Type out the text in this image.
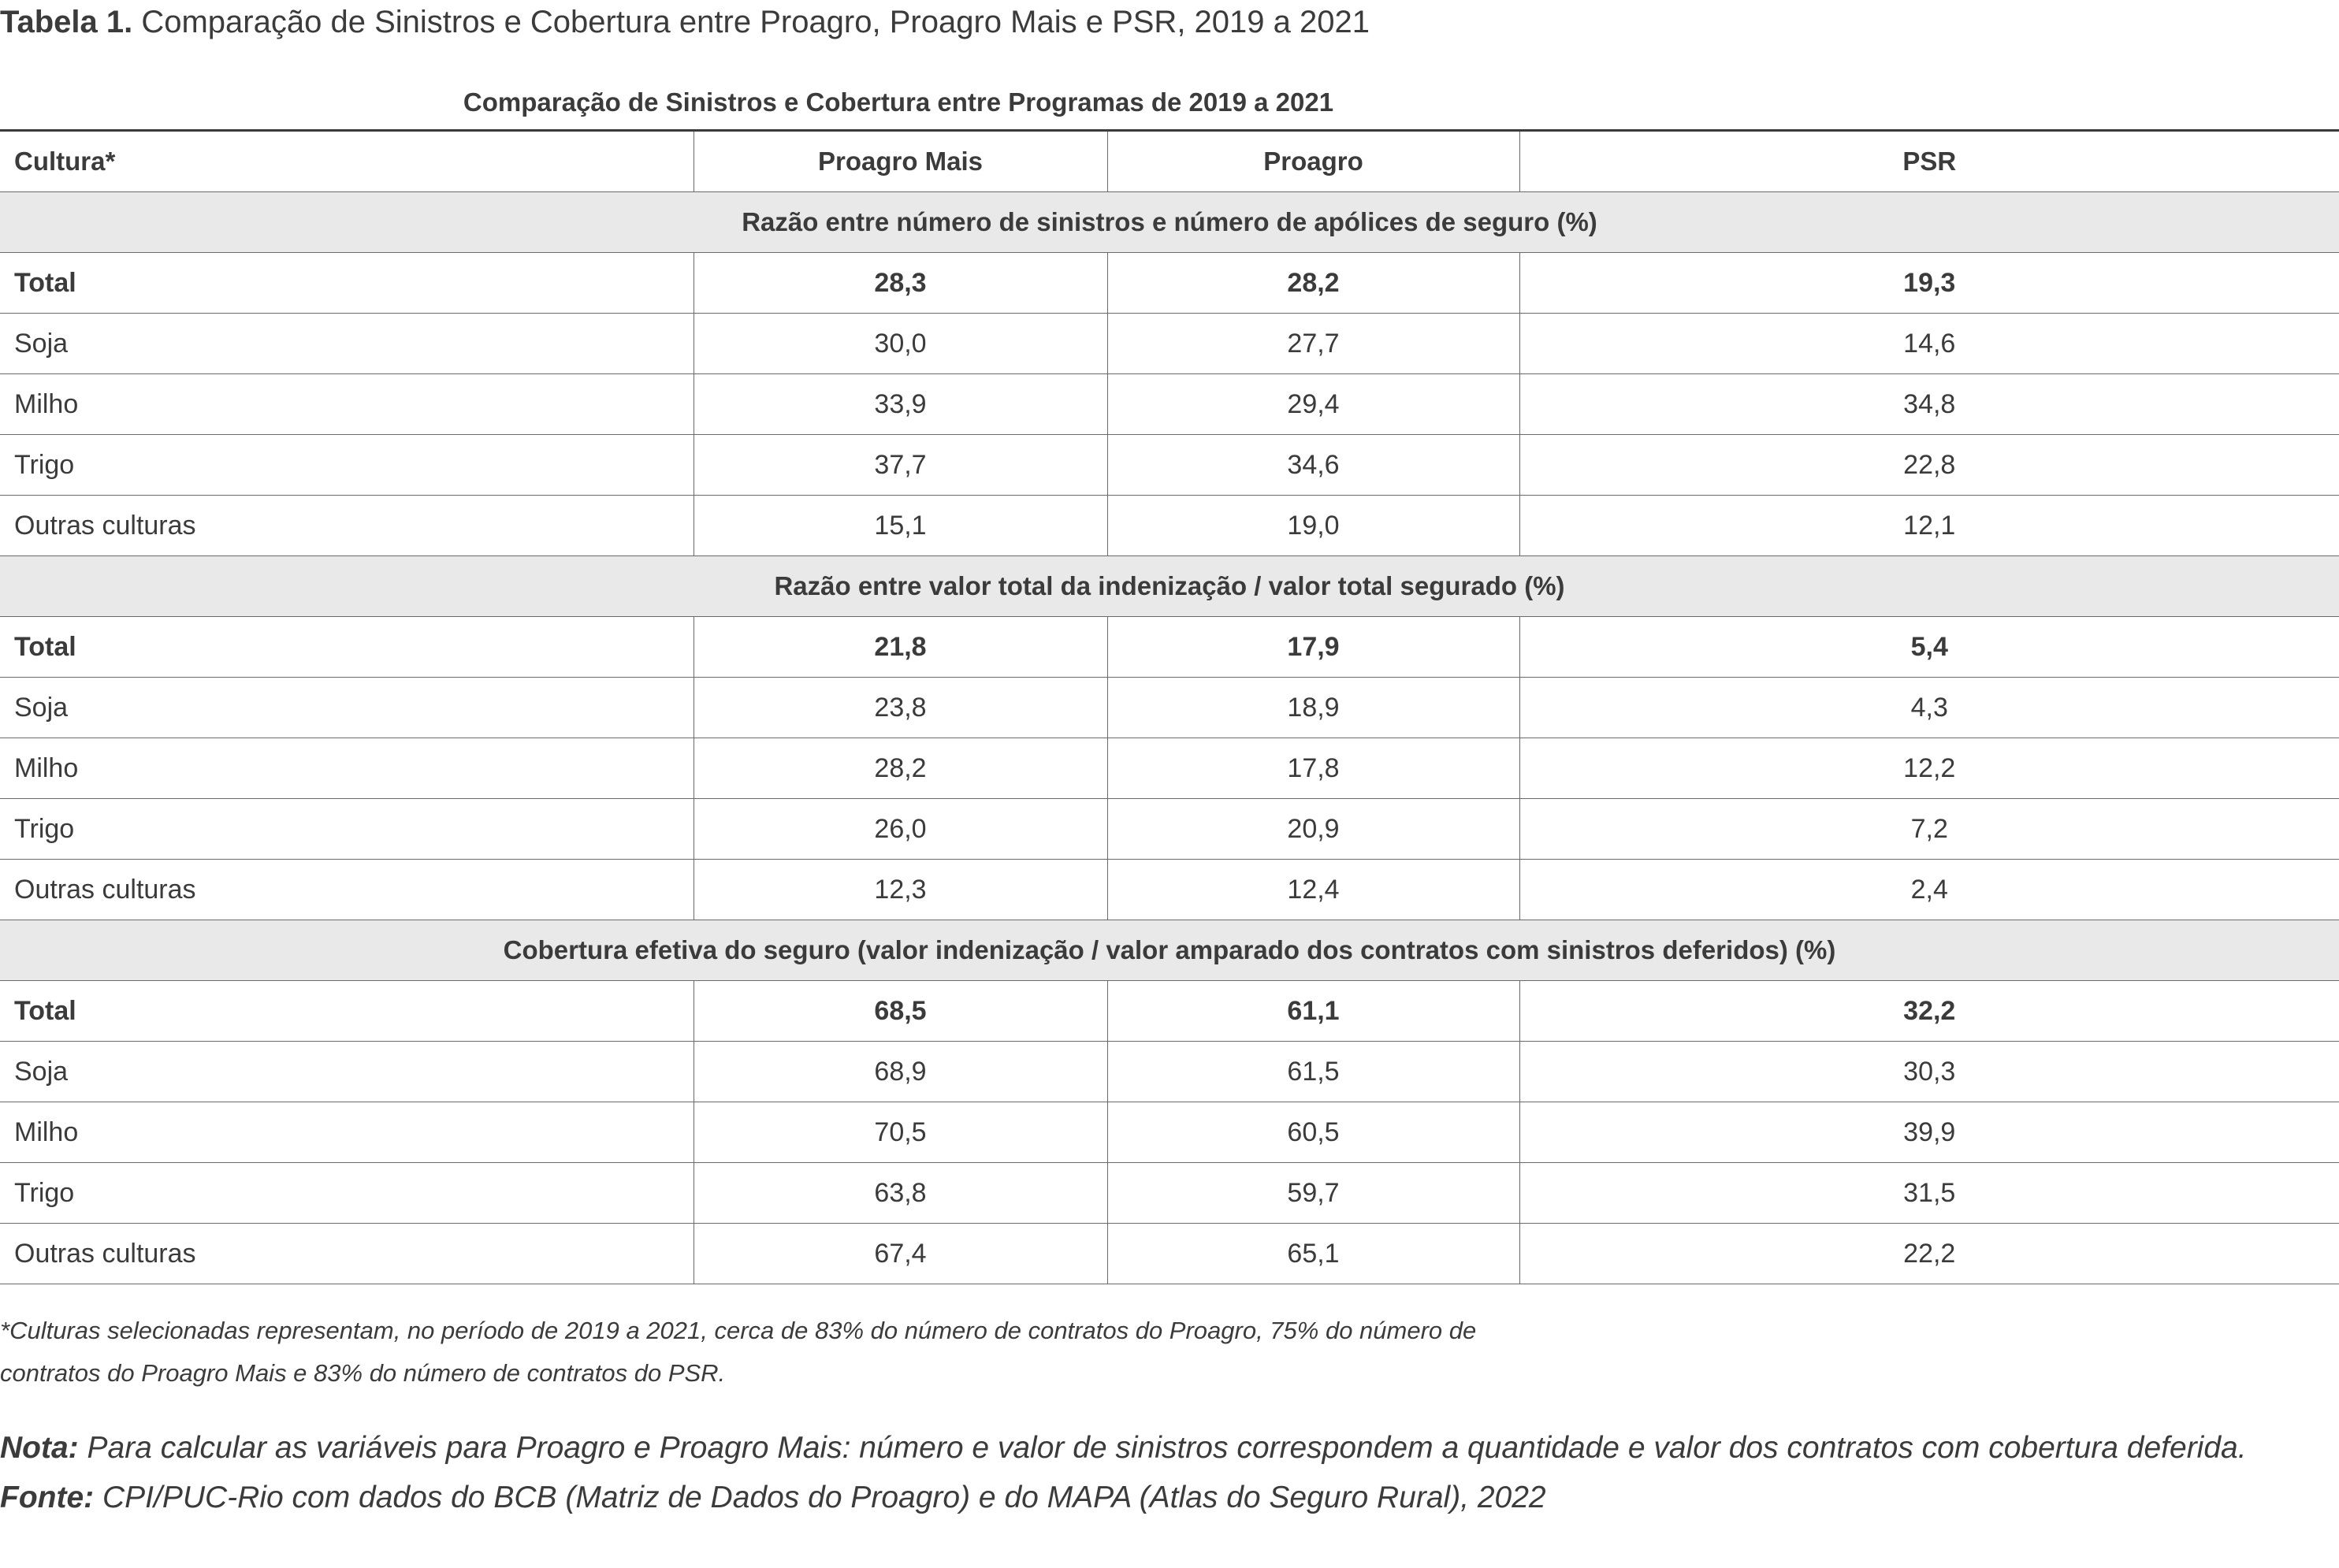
Tabela 1. Comparação de Sinistros e Cobertura entre Proagro, Proagro Mais e PSR, 2019 a 2021
Comparação de Sinistros e Cobertura entre Programas de 2019 a 2021
Cultura*	Proagro Mais	Proagro	PSR
Razão entre número de sinistros e número de apólices de seguro (%)			
Total	28,3	28,2	19,3
Soja	30,0	27,7	14,6
Milho	33,9	29,4	34,8
Trigo	37,7	34,6	22,8
Outras culturas	15,1	19,0	12,1
Razão entre valor total da indenização / valor total segurado (%)			
Total	21,8	17,9	5,4
Soja	23,8	18,9	4,3
Milho	28,2	17,8	12,2
Trigo	26,0	20,9	7,2
Outras culturas	12,3	12,4	2,4
Cobertura efetiva do seguro (valor indenização / valor amparado dos contratos com sinistros deferidos) (%)			
Total	68,5	61,1	32,2
Soja	68,9	61,5	30,3
Milho	70,5	60,5	39,9
Trigo	63,8	59,7	31,5
Outras culturas	67,4	65,1	22,2
*Culturas selecionadas representam, no período de 2019 a 2021, cerca de 83% do número de contratos do Proagro, 75% do número de contratos do Proagro Mais e 83% do número de contratos do PSR.
Nota: Para calcular as variáveis para Proagro e Proagro Mais: número e valor de sinistros correspondem a quantidade e valor dos contratos com cobertura deferida.
Fonte: CPI/PUC-Rio com dados do BCB (Matriz de Dados do Proagro) e do MAPA (Atlas do Seguro Rural), 2022
